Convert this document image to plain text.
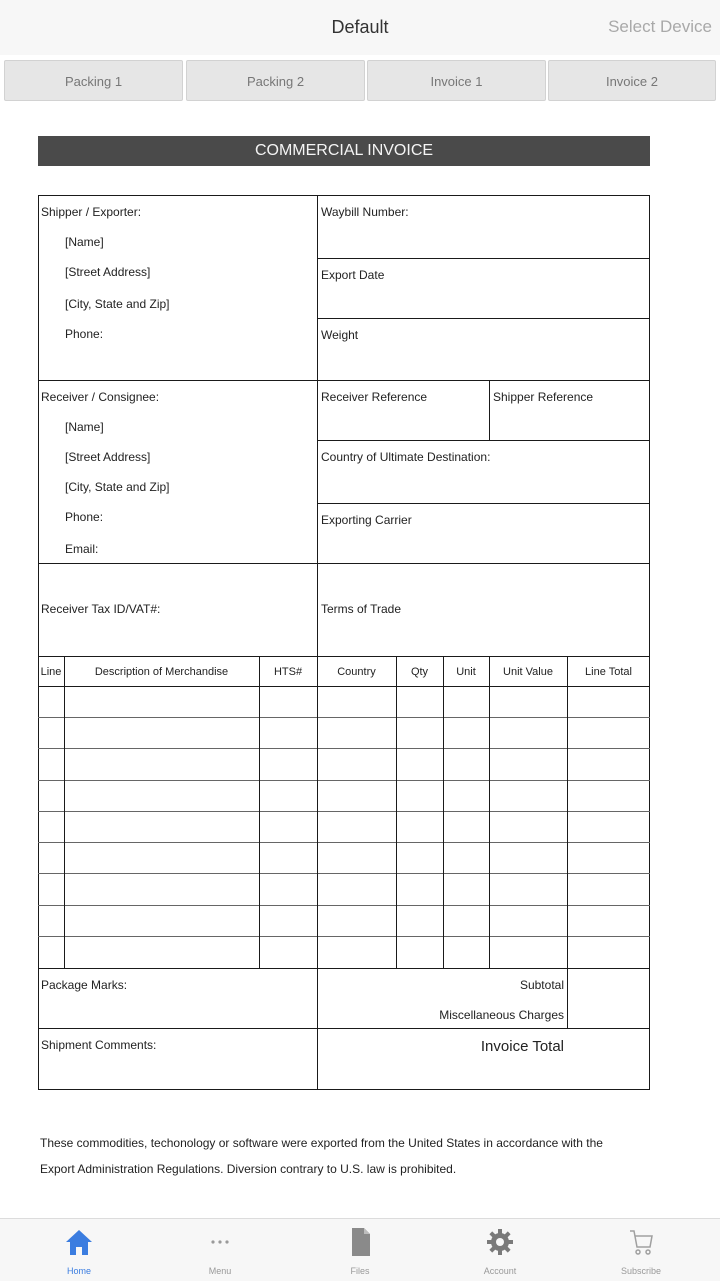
Default	Select Device
Packing 1	Packing 2	Invoice 1	Invoice 2
COMMERCIAL INVOICE
Shipper / Exporter:
[Name]
[Street Address]
[City, State and Zip]
Phone:
Waybill Number:
Export Date
Weight
Receiver / Consignee:
[Name]
[Street Address]
[City, State and Zip]
Phone:
Email:
Receiver Reference	Shipper Reference
Country of Ultimate Destination:
Exporting Carrier
Receiver Tax ID/VAT#:	Terms of Trade
Line	Description of Merchandise	HTS#	Country	Qty	Unit	Unit Value	Line Total
Package Marks:	Subtotal
Miscellaneous Charges
Shipment Comments:	Invoice Total
These commodities, techonology or software were exported from the United States in accordance with the
Export Administration Regulations. Diversion contrary to U.S. law is prohibited.
Home	Menu	Files	Account	Subscribe
